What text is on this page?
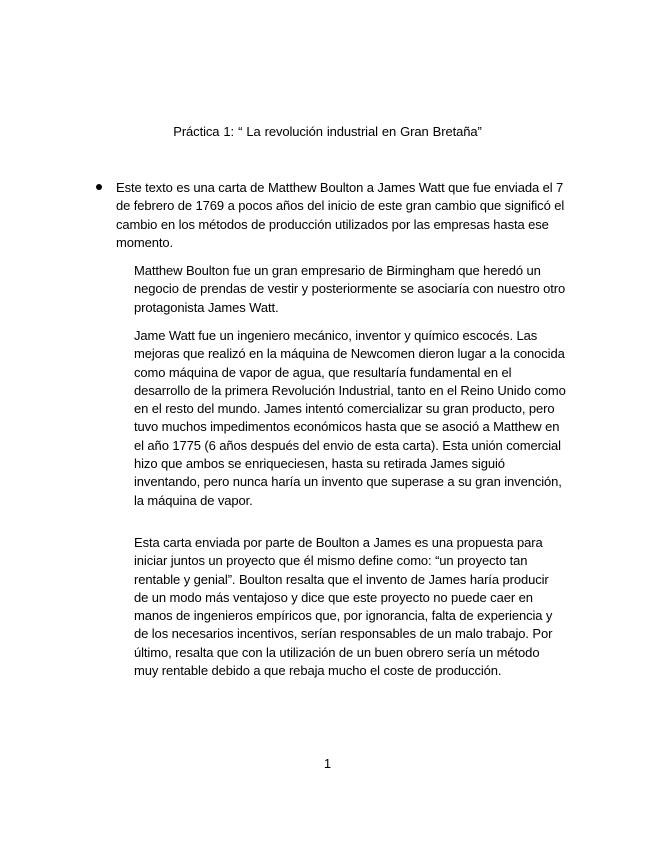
Práctica 1: “ La revolución industrial en Gran Bretaña”
Este texto es una carta de Matthew Boulton a James Watt que fue enviada el 7 de febrero de 1769 a pocos años del inicio de este gran cambio que significó el cambio en los métodos de producción utilizados por las empresas hasta ese momento.

Matthew Boulton fue un gran empresario de Birmingham que heredó un negocio de prendas de vestir y posteriormente se asociaría con nuestro otro protagonista James Watt.

Jame Watt fue un ingeniero mecánico, inventor y químico escocés. Las mejoras que realizó en la máquina de Newcomen dieron lugar a la conocida como máquina de vapor de agua, que resultaría fundamental en el desarrollo de la primera Revolución Industrial, tanto en el Reino Unido como en el resto del mundo. James intentó comercializar su gran producto, pero tuvo muchos impedimentos económicos hasta que se asoció a Matthew en el año 1775 (6 años después del envio de esta carta). Esta unión comercial hizo que ambos se enriqueciesen, hasta su retirada James siguió inventando, pero nunca haría un invento que superase a su gran invención, la máquina de vapor.

Esta carta enviada por parte de Boulton a James es una propuesta para iniciar juntos un proyecto que él mismo define como: “un proyecto tan rentable y genial”. Boulton resalta que el invento de James haría producir de un modo más ventajoso y dice que este proyecto no puede caer en manos de ingenieros empíricos que, por ignorancia, falta de experiencia y de los necesarios incentivos, serían responsables de un malo trabajo. Por último, resalta que con la utilización de un buen obrero sería un método muy rentable debido a que rebaja mucho el coste de producción.

1
